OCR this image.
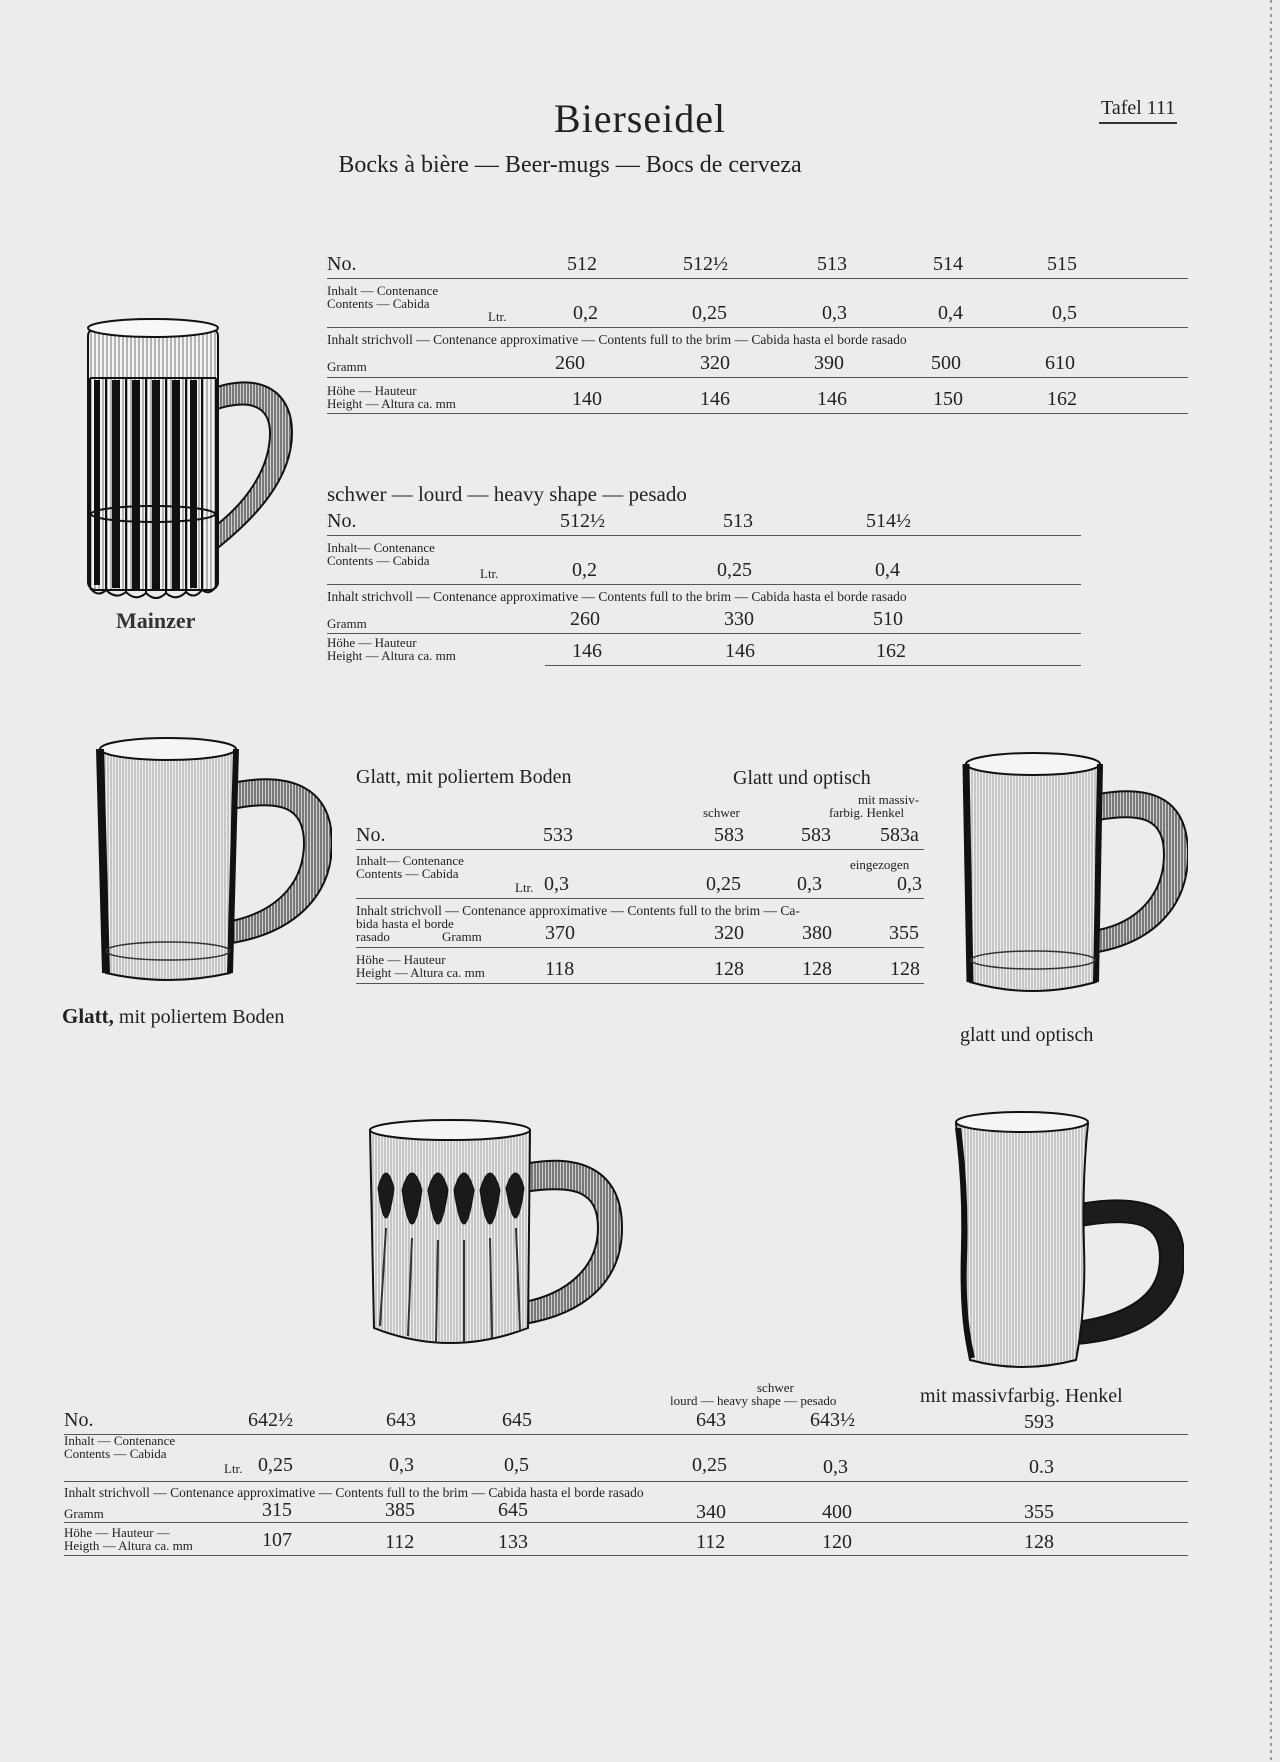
Bierseidel	Tafel 111
Bocks à bière — Beer-mugs — Bocs de cerveza
Mainzer
No.	512	512½	513	514	515
Inhalt — Contenance
Contents — Cabida
Ltr.	0,2	0,25	0,3	0,4	0,5
Inhalt strichvoll — Contenance approximative — Contents full to the brim — Cabida hasta el borde rasado
Gramm	260	320	390	500	610
Höhe — Hauteur
Height — Altura ca. mm	140	146	146	150	162
schwer — lourd — heavy shape — pesado
No.	512½	513	514½
Inhalt— Contenance
Contents — Cabida
Ltr.	0,2	0,25	0,4
Inhalt strichvoll — Contenance approximative — Contents full to the brim — Cabida hasta el borde rasado
Gramm	260	330	510
Höhe — Hauteur
Height — Altura ca. mm	146	146	162
Glatt, mit poliertem Boden
glatt und optisch
Glatt, mit poliertem Boden	Glatt und optisch
mit massiv-
schwer	farbig. Henkel
No.	533	583	583 583a
Inhalt— Contenance
Contents — Cabida
eingezogen
Ltr. 0,3	0,25	0,3	0,3
Inhalt strichvoll — Contenance approximative — Contents full to the brim — Ca-
bida hasta el borde
rasado	Gramm	370	320	380	355
Höhe — Hauteur
Height — Altura ca. mm	118	128	128	128
schwer
lourd — heavy shape — pesado	mit massivfarbig. Henkel
No.	642½	643	645	643	643½	593
Inhalt — Contenance
Contents — Cabida
Ltr. 0,25	0,3	0,5	0,25	0,3	0.3
Inhalt strichvoll — Contenance approximative — Contents full to the brim — Cabida hasta el borde rasado
Gramm	315	385	645	340	400	355
Höhe — Hauteur —
Heigth — Altura ca. mm	107	112	133	112	120	128
